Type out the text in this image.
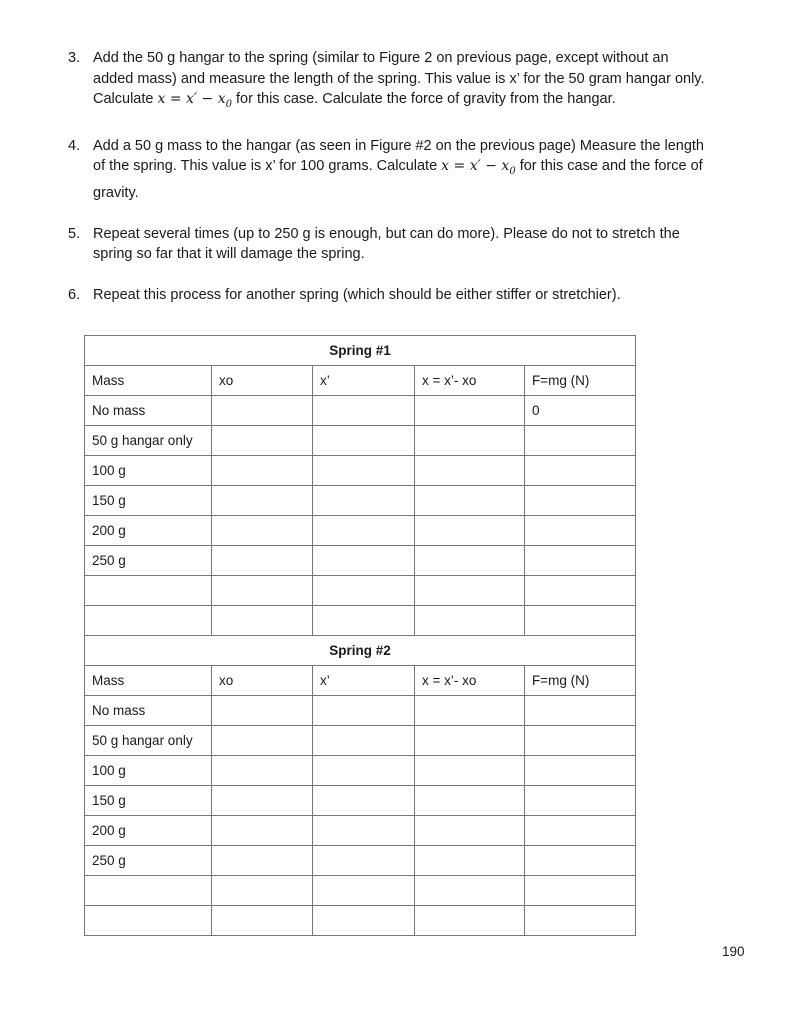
3. Add the 50 g hangar to the spring (similar to Figure 2 on previous page, except without an
added mass) and measure the length of the spring. This value is x’ for the 50 gram hangar only.
Calculate $x = x' - x_0$ for this case. Calculate the force of gravity from the hangar.
4. Add a 50 g mass to the hangar (as seen in Figure #2 on the previous page) Measure the length
of the spring. This value is x’ for 100 grams. Calculate $x = x' - x_0$ for this case and the force of
gravity.
5. Repeat several times (up to 250 g is enough, but can do more). Please do not to stretch the
spring so far that it will damage the spring.
6. Repeat this process for another spring (which should be either stiffer or stretchier).
Spring #1				
Mass	xo	x’	x = x’- xo	F=mg (N)
No mass				0
50 g hangar only				
100 g				
150 g				
200 g				
250 g				

Spring #2				
Mass	xo	x’	x = x’- xo	F=mg (N)
No mass				
50 g hangar only				
100 g				
150 g				
200 g				
250 g				

190
